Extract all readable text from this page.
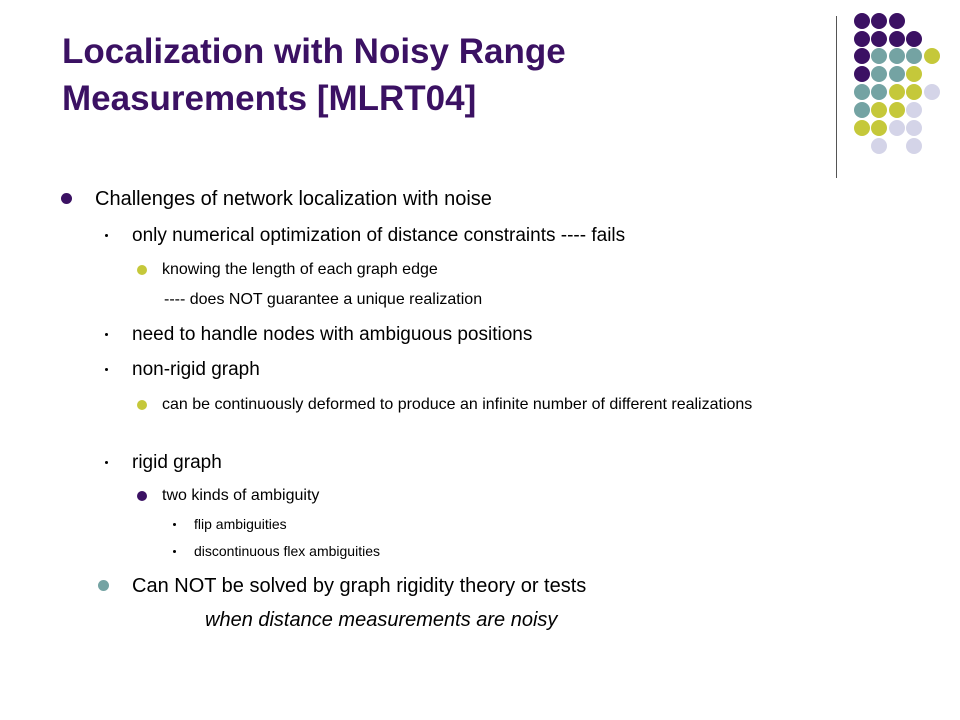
Localization with Noisy Range
Measurements [MLRT04]
Challenges of network localization with noise
only numerical optimization of distance constraints ---- fails
knowing the length of each graph edge
---- does NOT guarantee a unique realization
need to handle nodes with ambiguous positions
non-rigid graph
can be continuously deformed to produce an infinite number of different realizations
rigid graph
two kinds of ambiguity
flip ambiguities
discontinuous flex ambiguities
Can NOT be solved by graph rigidity theory or tests
when distance measurements are noisy
